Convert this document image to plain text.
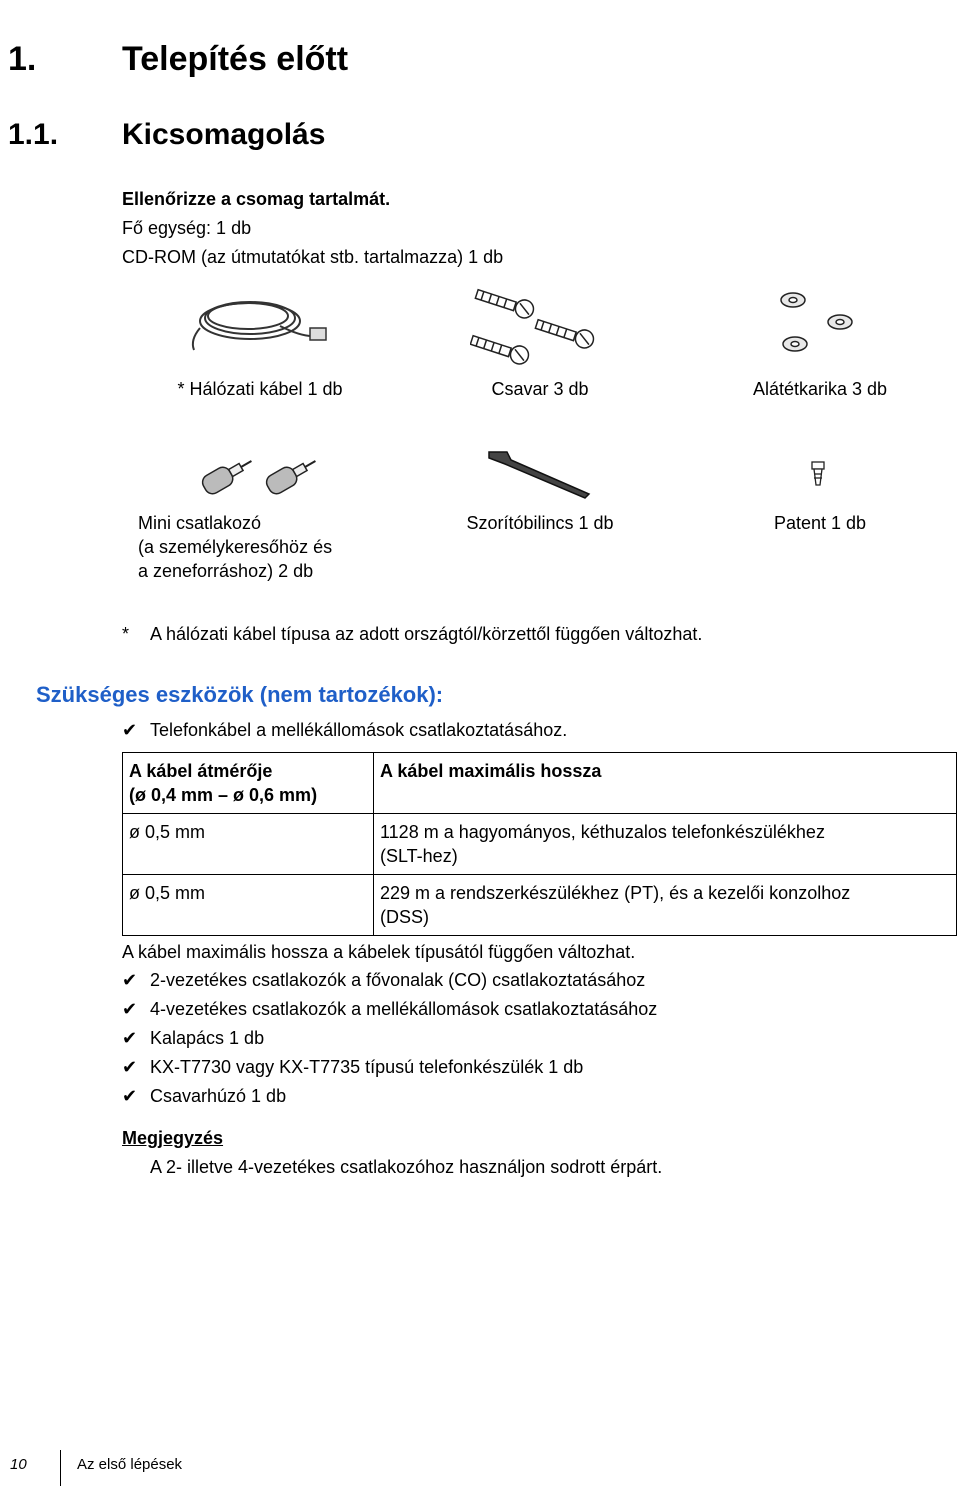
1.	Telepítés előtt
1.1. Kicsomagolás
Ellenőrizze a csomag tartalmát.
Fő egység: 1 db
CD-ROM (az útmutatókat stb. tartalmazza) 1 db
* Hálózati kábel 1 db	Csavar 3 db	Alátétkarika 3 db
Mini csatlakozó
(a személykeresőhöz és
a zeneforráshoz) 2 db
Szorítóbilincs 1 db	Patent 1 db
* A hálózati kábel típusa az adott országtól/körzettől függően változhat.
Szükséges eszközök (nem tartozékok):
✔ Telefonkábel a mellékállomások csatlakoztatásához.
A kábel átmérője
(ø 0,4 mm – ø 0,6 mm)	A kábel maximális hossza
ø 0,5 mm	1128 m a hagyományos, kéthuzalos telefonkészülékhez
(SLT-hez)

ø 0,5 mm	229 m a rendszerkészülékhez (PT), és a kezelői konzolhoz
(DSS)
A kábel maximális hossza a kábelek típusától függően változhat.
✔ 2-vezetékes csatlakozók a fővonalak (CO) csatlakoztatásához
✔ 4-vezetékes csatlakozók a mellékállomások csatlakoztatásához
✔ Kalapács 1 db
✔ KX-T7730 vagy KX-T7735 típusú telefonkészülék 1 db
✔ Csavarhúzó 1 db
Megjegyzés
A 2- illetve 4-vezetékes csatlakozóhoz használjon sodrott érpárt.
10	Az első lépések
